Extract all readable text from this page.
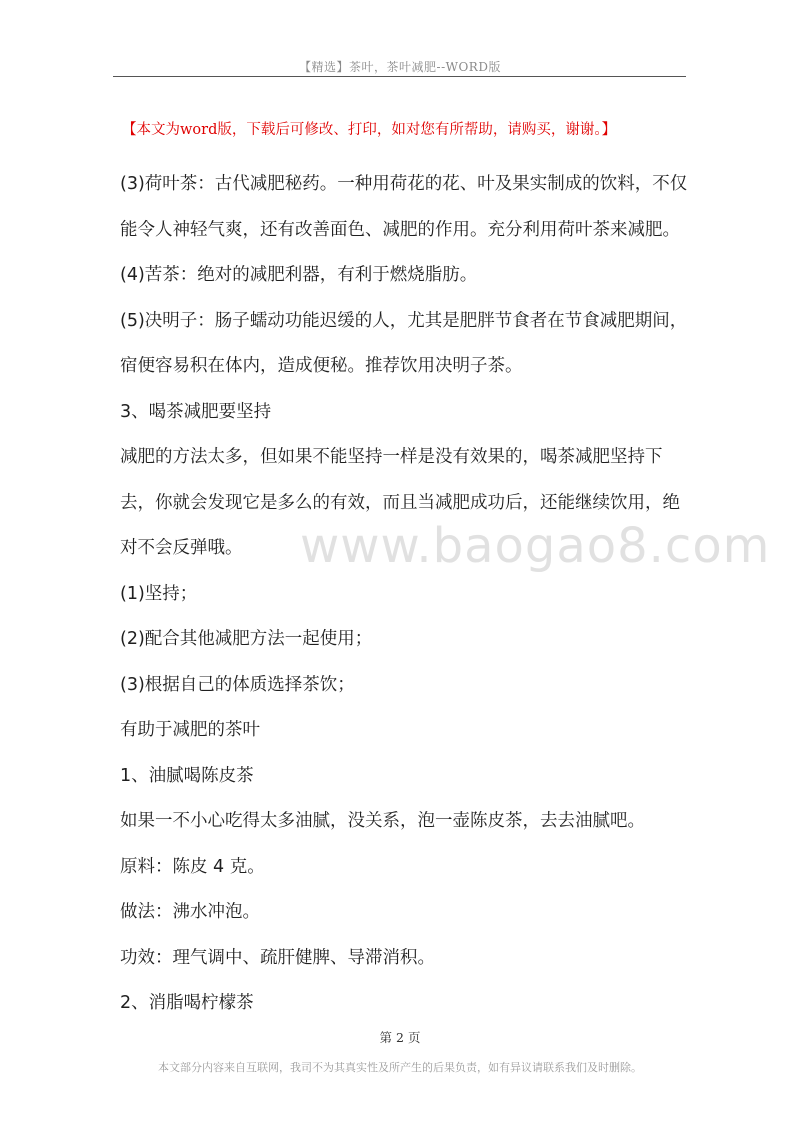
【精选】茶叶，茶叶减肥--WORD版
【本文为word版，下载后可修改、打印，如对您有所帮助，请购买，谢谢。】
www.baogao8.com

(3)荷叶茶：古代减肥秘药。一种用荷花的花、叶及果实制成的饮料，不仅能令人神轻气爽，还有改善面色、减肥的作用。充分利用荷叶茶来减肥。

(4)苦茶：绝对的减肥利器，有利于燃烧脂肪。

(5)决明子：肠子蠕动功能迟缓的人，尤其是肥胖节食者在节食减肥期间，宿便容易积在体内，造成便秘。推荐饮用决明子茶。

3、喝茶减肥要坚持

减肥的方法太多，但如果不能坚持一样是没有效果的，喝茶减肥坚持下去，你就会发现它是多么的有效，而且当减肥成功后，还能继续饮用，绝对不会反弹哦。

(1)坚持；

(2)配合其他减肥方法一起使用；

(3)根据自己的体质选择茶饮；

有助于减肥的茶叶

1、油腻喝陈皮茶

如果一不小心吃得太多油腻，没关系，泡一壶陈皮茶，去去油腻吧。

原料：陈皮 4 克。

做法：沸水冲泡。

功效：理气调中、疏肝健脾、导滞消积。

2、消脂喝柠檬茶

第 2 页
本文部分内容来自互联网，我司不为其真实性及所产生的后果负责，如有异议请联系我们及时删除。
